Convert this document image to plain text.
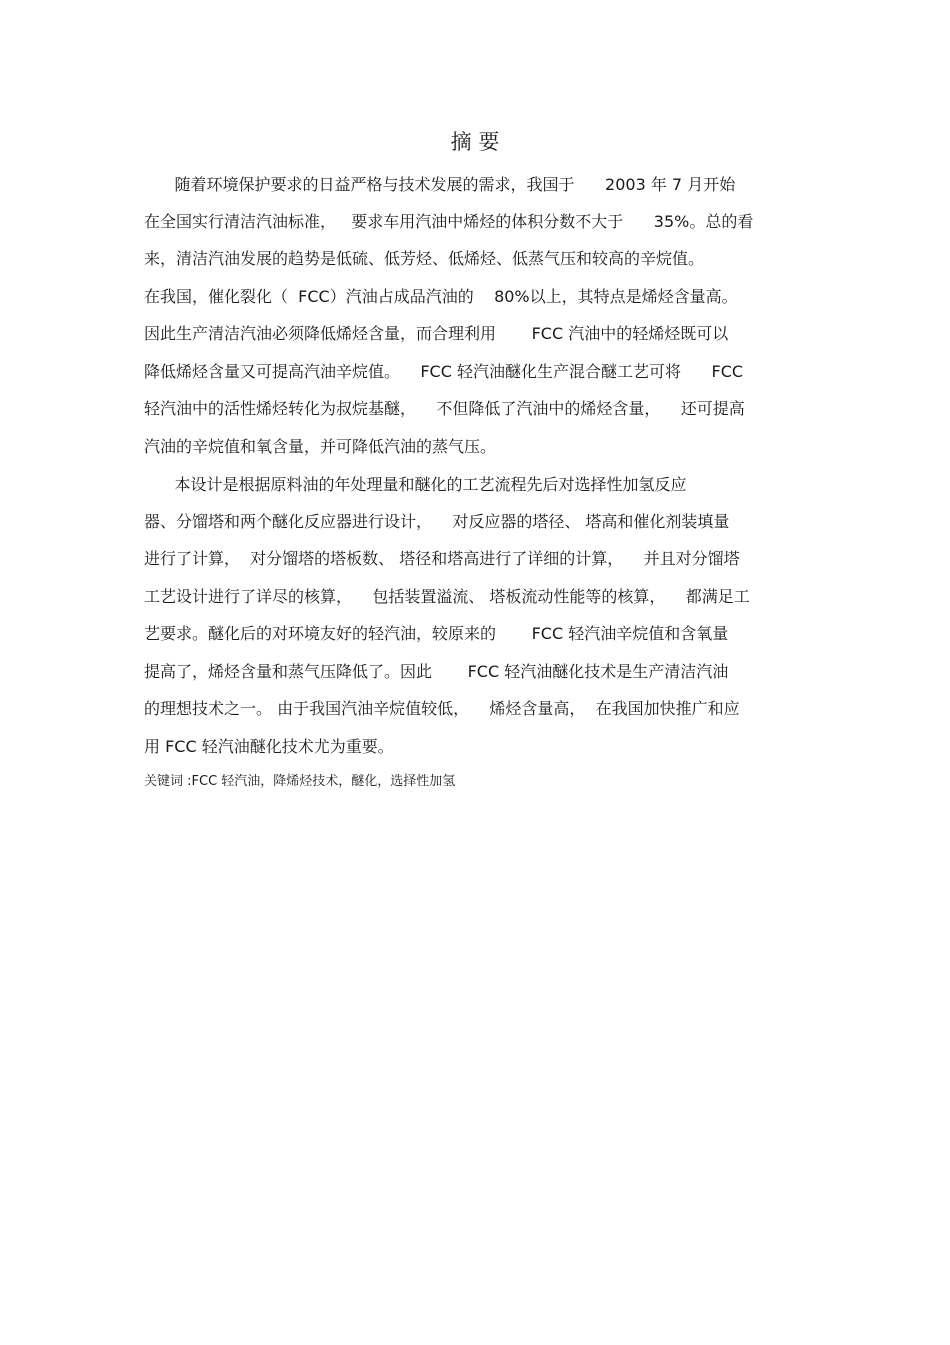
摘 要
随着环境保护要求的日益严格与技术发展的需求，我国于      2003 年 7 月开始
在全国实行清洁汽油标准，   要求车用汽油中烯烃的体积分数不大于      35%。总的看
来，清洁汽油发展的趋势是低硫、低芳烃、低烯烃、低蒸气压和较高的辛烷值。
在我国，催化裂化（  FCC）汽油占成品汽油的    80%以上，其特点是烯烃含量高。
因此生产清洁汽油必须降低烯烃含量，而合理利用       FCC 汽油中的轻烯烃既可以
降低烯烃含量又可提高汽油辛烷值。    FCC 轻汽油醚化生产混合醚工艺可将      FCC
轻汽油中的活性烯烃转化为叔烷基醚，    不但降低了汽油中的烯烃含量，    还可提高
汽油的辛烷值和氧含量，并可降低汽油的蒸气压。
本设计是根据原料油的年处理量和醚化的工艺流程先后对选择性加氢反应
器、分馏塔和两个醚化反应器进行设计，    对反应器的塔径、 塔高和催化剂装填量
进行了计算，  对分馏塔的塔板数、 塔径和塔高进行了详细的计算，    并且对分馏塔
工艺设计进行了详尽的核算，    包括装置溢流、 塔板流动性能等的核算，    都满足工
艺要求。醚化后的对环境友好的轻汽油，较原来的       FCC 轻汽油辛烷值和含氧量
提高了，烯烃含量和蒸气压降低了。因此       FCC 轻汽油醚化技术是生产清洁汽油
的理想技术之一。 由于我国汽油辛烷值较低，    烯烃含量高，  在我国加快推广和应
用 FCC 轻汽油醚化技术尤为重要。
关键词 :FCC 轻汽油，降烯烃技术，醚化，选择性加氢
